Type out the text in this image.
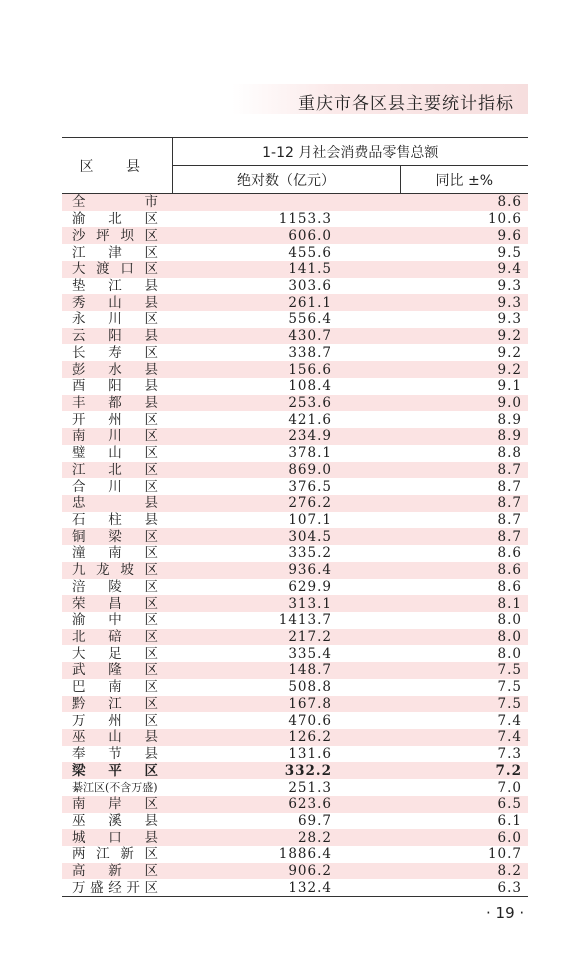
重庆市各区县主要统计指标
区 县	1-12 月社会消费品零售总额	
	绝对数（亿元）	同比 ±%

全 市		8.6

渝 北 区	1153.3	10.6

沙 坪 坝 区	606.0	9.6

江 津 区	455.6	9.5

大 渡 口 区	141.5	9.4

垫 江 县	303.6	9.3

秀 山 县	261.1	9.3

永 川 区	556.4	9.3

云 阳 县	430.7	9.2

长 寿 区	338.7	9.2

彭 水 县	156.6	9.2

酉 阳 县	108.4	9.1

丰 都 县	253.6	9.0

开 州 区	421.6	8.9

南 川 区	234.9	8.9

璧 山 区	378.1	8.8

江 北 区	869.0	8.7

合 川 区	376.5	8.7

忠 县	276.2	8.7

石 柱 县	107.1	8.7

铜 梁 区	304.5	8.7

潼 南 区	335.2	8.6

九 龙 坡 区	936.4	8.6

涪 陵 区	629.9	8.6

荣 昌 区	313.1	8.1

渝 中 区	1413.7	8.0

北 碚 区	217.2	8.0

大 足 区	335.4	8.0

武 隆 区	148.7	7.5

巴 南 区	508.8	7.5

黔 江 区	167.8	7.5

万 州 区	470.6	7.4

巫 山 县	126.2	7.4

奉 节 县	131.6	7.3

梁 平 区	332.2	7.2

綦江区(不含万盛)	251.3	7.0

南 岸 区	623.6	6.5

巫 溪 县	69.7	6.1

城 口 县	28.2	6.0

两 江 新 区	1886.4	10.7

高 新 区	906.2	8.2

万 盛 经 开 区	132.4	6.3
· 19 ·
